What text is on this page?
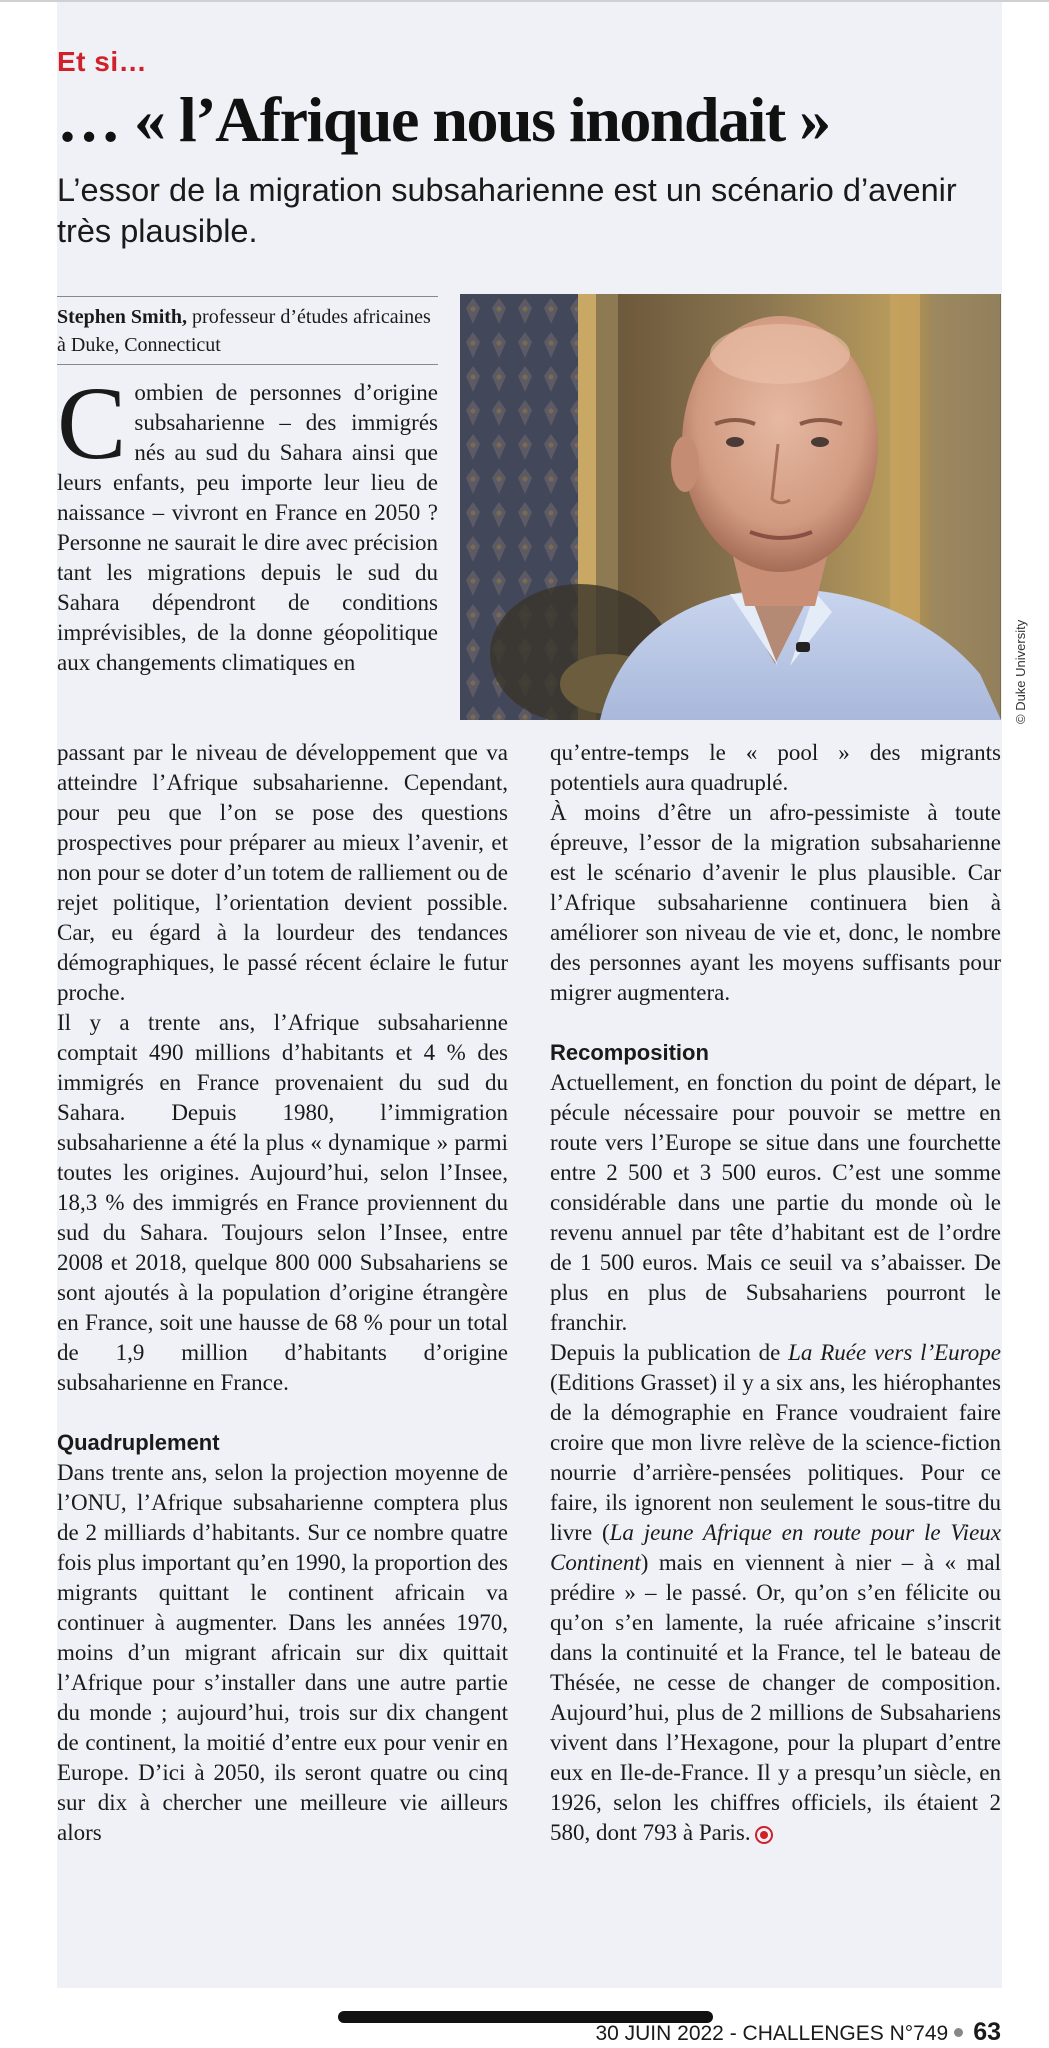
Et si…
… « l’Afrique nous inondait »
L’essor de la migration subsaharienne est un scénario d’avenir très plausible.
Stephen Smith, professeur d’études africaines à Duke, Connecticut
© Duke University
Combien de personnes d’origine subsaharienne – des immigrés nés au sud du Sahara ainsi que leurs enfants, peu importe leur lieu de naissance – vivront en France en 2050 ? Personne ne saurait le dire avec précision tant les migrations depuis le sud du Sahara dépendront de conditions imprévisibles, de la donne géopolitique aux changements climatiques en

passant par le niveau de développement que va atteindre l’Afrique subsaharienne. Cependant, pour peu que l’on se pose des questions prospectives pour préparer au mieux l’avenir, et non pour se doter d’un totem de ralliement ou de rejet politique, l’orientation devient possible. Car, eu égard à la lourdeur des tendances démographiques, le passé récent éclaire le futur proche.

Il y a trente ans, l’Afrique subsaharienne comptait 490 millions d’habitants et 4 % des immigrés en France provenaient du sud du Sahara. Depuis 1980, l’immigration subsaharienne a été la plus « dynamique » parmi toutes les origines. Aujourd’hui, selon l’Insee, 18,3 % des immigrés en France proviennent du sud du Sahara. Toujours selon l’Insee, entre 2008 et 2018, quelque 800 000 Subsahariens se sont ajoutés à la population d’origine étrangère en France, soit une hausse de 68 % pour un total de 1,9 million d’habitants d’origine subsaharienne en France.

Quadruplement

Dans trente ans, selon la projection moyenne de l’ONU, l’Afrique subsaharienne comptera plus de 2 milliards d’habitants. Sur ce nombre quatre fois plus important qu’en 1990, la proportion des migrants quittant le continent africain va continuer à augmenter. Dans les années 1970, moins d’un migrant africain sur dix quittait l’Afrique pour s’installer dans une autre partie du monde ; aujourd’hui, trois sur dix changent de continent, la moitié d’entre eux pour venir en Europe. D’ici à 2050, ils seront quatre ou cinq sur dix à chercher une meilleure vie ailleurs alors

qu’entre-temps le « pool » des migrants potentiels aura quadruplé.

À moins d’être un afro-pessimiste à toute épreuve, l’essor de la migration subsaharienne est le scénario d’avenir le plus plausible. Car l’Afrique subsaharienne continuera bien à améliorer son niveau de vie et, donc, le nombre des personnes ayant les moyens suffisants pour migrer augmentera.

Recomposition

Actuellement, en fonction du point de départ, le pécule nécessaire pour pouvoir se mettre en route vers l’Europe se situe dans une fourchette entre 2 500 et 3 500 euros. C’est une somme considérable dans une partie du monde où le revenu annuel par tête d’habitant est de l’ordre de 1 500 euros. Mais ce seuil va s’abaisser. De plus en plus de Subsahariens pourront le franchir.

Depuis la publication de La Ruée vers l’Europe (Editions Grasset) il y a six ans, les hiérophantes de la démographie en France voudraient faire croire que mon livre relève de la science-fiction nourrie d’arrière-pensées politiques. Pour ce faire, ils ignorent non seulement le sous-titre du livre (La jeune Afrique en route pour le Vieux Continent) mais en viennent à nier – à « mal prédire » – le passé. Or, qu’on s’en félicite ou qu’on s’en lamente, la ruée africaine s’inscrit dans la continuité et la France, tel le bateau de Thésée, ne cesse de changer de composition. Aujourd’hui, plus de 2 millions de Subsahariens vivent dans l’Hexagone, pour la plupart d’entre eux en Ile-de-France. Il y a presqu’un siècle, en 1926, selon les chiffres officiels, ils étaient 2 580, dont 793 à Paris.

30 JUIN 2022 - CHALLENGES N°749 63
